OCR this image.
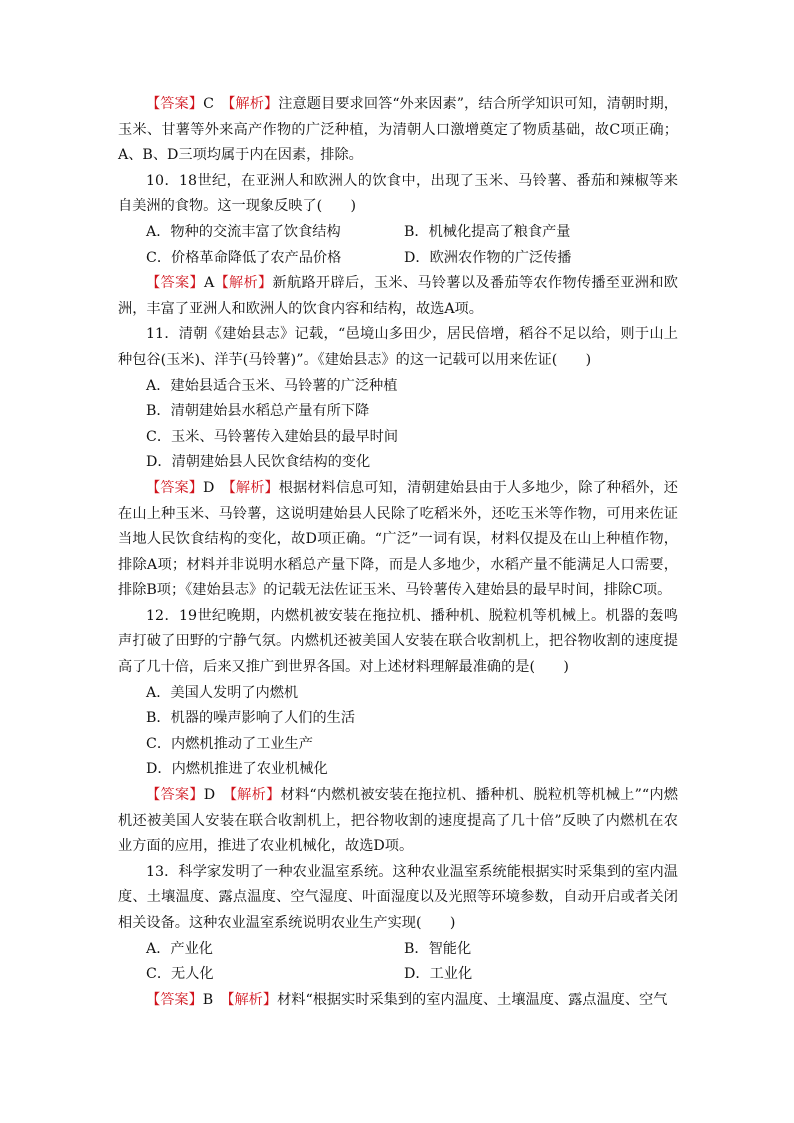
【答案】C　 【解析】注意题目要求回答“外来因素”，结合所学知识可知，清朝时期，玉米、甘薯等外来高产作物的广泛种植，为清朝人口激增奠定了物质基础，故C项正确；A、B、D三项均属于内在因素，排除。

10．18世纪，在亚洲人和欧洲人的饮食中，出现了玉米、马铃薯、番茄和辣椒等来自美洲的食物。这一现象反映了(　　)

A．物种的交流丰富了饮食结构	B．机械化提高了粮食产量
C．价格革命降低了农产品价格	D．欧洲农作物的广泛传播

【答案】A【解析】新航路开辟后，玉米、马铃薯以及番茄等农作物传播至亚洲和欧洲，丰富了亚洲人和欧洲人的饮食内容和结构，故选A项。

11．清朝《建始县志》记载，“邑境山多田少，居民倍增，稻谷不足以给，则于山上种包谷(玉米)、洋芋(马铃薯)”。《建始县志》的这一记载可以用来佐证(　　)

A．建始县适合玉米、马铃薯的广泛种植

B．清朝建始县水稻总产量有所下降

C．玉米、马铃薯传入建始县的最早时间

D．清朝建始县人民饮食结构的变化

【答案】D　 【解析】根据材料信息可知，清朝建始县由于人多地少，除了种稻外，还在山上种玉米、马铃薯，这说明建始县人民除了吃稻米外，还吃玉米等作物，可用来佐证当地人民饮食结构的变化，故D项正确。“广泛”一词有误，材料仅提及在山上种植作物，排除A项；材料并非说明水稻总产量下降，而是人多地少，水稻产量不能满足人口需要，排除B项；《建始县志》的记载无法佐证玉米、马铃薯传入建始县的最早时间，排除C项。

12．19世纪晚期，内燃机被安装在拖拉机、播种机、脱粒机等机械上。机器的轰鸣声打破了田野的宁静气氛。内燃机还被美国人安装在联合收割机上，把谷物收割的速度提高了几十倍，后来又推广到世界各国。对上述材料理解最准确的是(　　)

A．美国人发明了内燃机

B．机器的噪声影响了人们的生活

C．内燃机推动了工业生产

D．内燃机推进了农业机械化

【答案】D　 【解析】材料“内燃机被安装在拖拉机、播种机、脱粒机等机械上”“内燃机还被美国人安装在联合收割机上，把谷物收割的速度提高了几十倍”反映了内燃机在农业方面的应用，推进了农业机械化，故选D项。

13．科学家发明了一种农业温室系统。这种农业温室系统能根据实时采集到的室内温度、土壤温度、露点温度、空气湿度、叶面湿度以及光照等环境参数，自动开启或者关闭相关设备。这种农业温室系统说明农业生产实现(　　)

A．产业化	B．智能化
C．无人化	D．工业化

【答案】B　 【解析】材料“根据实时采集到的室内温度、土壤温度、露点温度、空气
